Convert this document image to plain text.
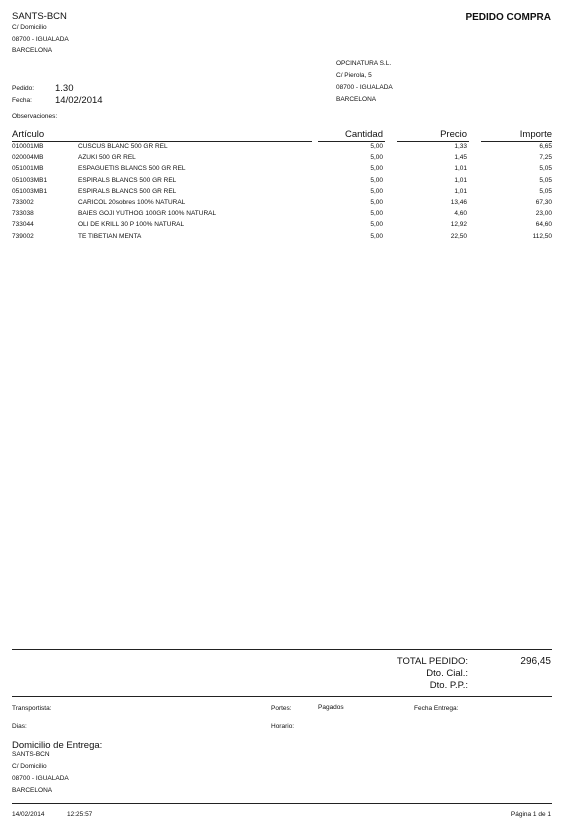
SANTS-BCN
C/ Domicilio
08700 - IGUALADA
BARCELONA
PEDIDO COMPRA
OPCINATURA S.L.
C/ Pierola, 5
08700 - IGUALADA
BARCELONA
Pedido: 1.30
Fecha: 14/02/2014
Observaciones:
Artículo	Cantidad	Precio	Importe
010001MB	CUSCUS BLANC 500 GR REL	5,00	1,33	6,65
020004MB	AZUKI 500 GR REL	5,00	1,45	7,25
051001MB	ESPAGUETIS BLANCS 500 GR REL	5,00	1,01	5,05
051003MB1	ESPIRALS BLANCS 500 GR REL	5,00	1,01	5,05
051003MB1	ESPIRALS BLANCS 500 GR REL	5,00	1,01	5,05
733002	CARICOL 20sobres 100% NATURAL	5,00	13,46	67,30
733038	BAIES GOJI YUTHOG 100GR 100% NATURAL	5,00	4,60	23,00
733044	OLI DE KRILL 30 P 100% NATURAL	5,00	12,92	64,60
739002	TE TIBETIAN MENTA	5,00	22,50	112,50
TOTAL PEDIDO:	296,45
Dto. Cial.:
Dto. P.P.:
Transportista:	Portes:	Pagados	Fecha Entrega:
Dias:	Horario:
Domicilio de Entrega:
SANTS-BCN
C/ Domicilio
08700 - IGUALADA
BARCELONA
14/02/2014	12:25:57	Página 1 de 1
